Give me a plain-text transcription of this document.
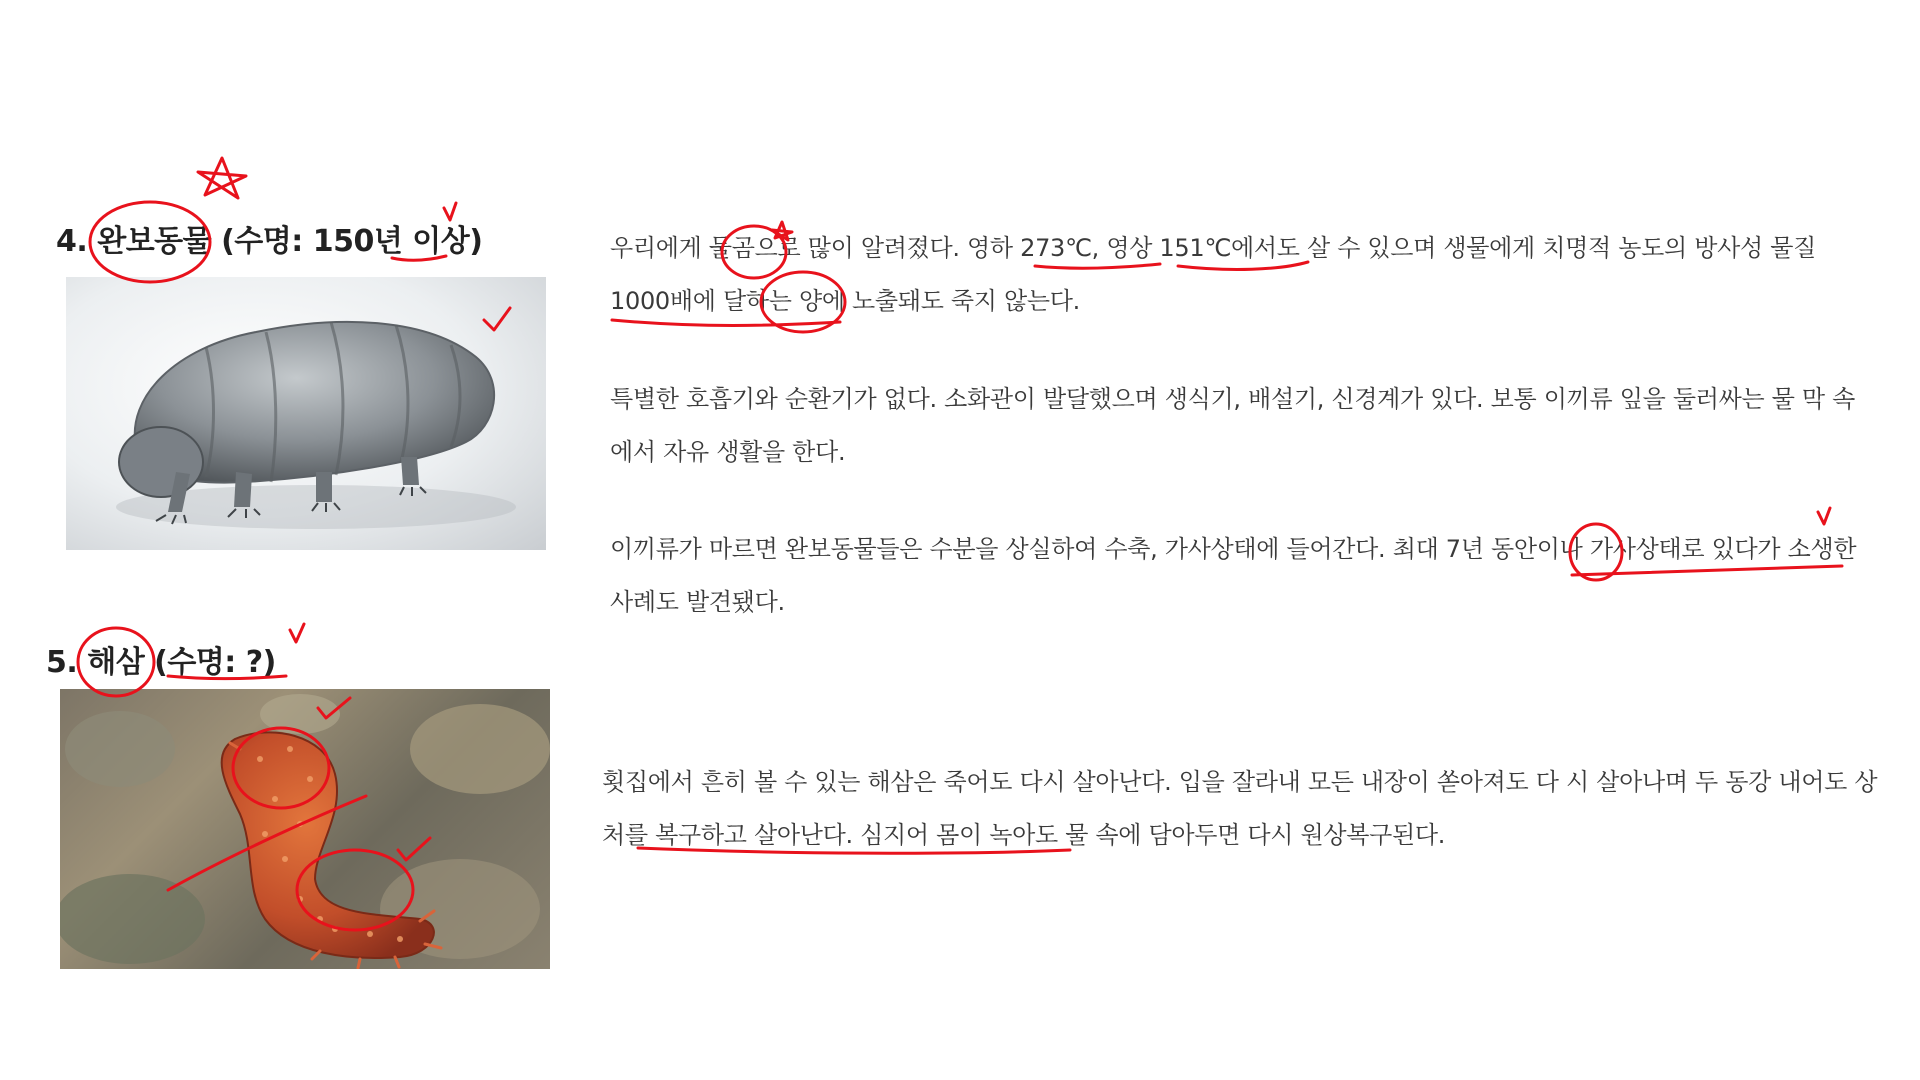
4. 완보동물 (수명: 150년 이상)	우리에게 물곰으로 많이 알려졌다. 영하 273℃, 영상 151℃에서도 살 수 있으며 생물에게 치명적 농도의 방사성 물질 1000배에 달하는 양에 노출돼도 죽지 않는다.

특별한 호흡기와 순환기가 없다. 소화관이 발달했으며 생식기, 배설기, 신경계가 있다. 보통 이끼류 잎을 둘러싸는 물 막 속에서 자유 생활을 한다.

이끼류가 마르면 완보동물들은 수분을 상실하여 수축, 가사상태에 들어간다. 최대 7년 동안이나 가사상태로 있다가 소생한 사례도 발견됐다.

5. 해삼 (수명: ?)

횟집에서 흔히 볼 수 있는 해삼은 죽어도 다시 살아난다. 입을 잘라내 모든 내장이 쏟아져도 다 시 살아나며 두 동강 내어도 상처를 복구하고 살아난다. 심지어 몸이 녹아도 물 속에 담아두면 다시 원상복구된다.
